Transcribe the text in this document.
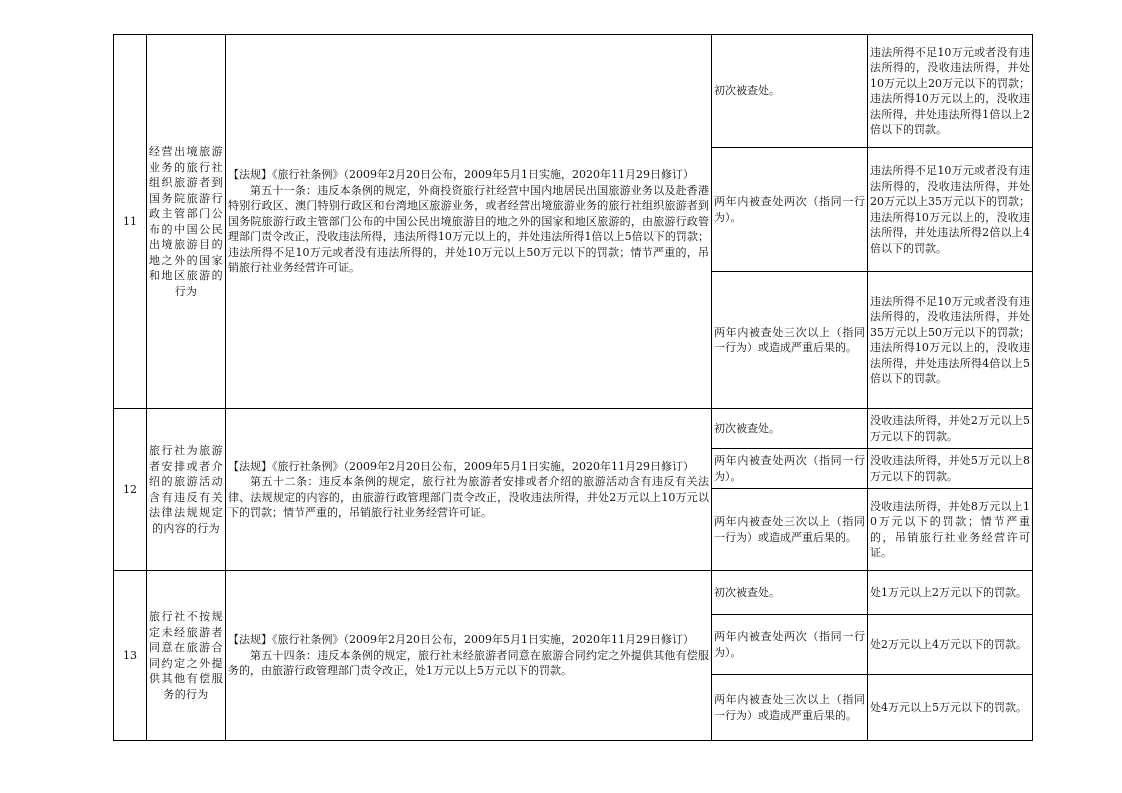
11	经营出境旅游业务的旅行社组织旅游者到国务院旅游行政主管部门公布的中国公民出境旅游目的地之外的国家和地区旅游的行为	【法规】《旅行社条例》（2009年2月20日公布，2009年5月1日实施，2020年11月29日修订）

第五十一条：违反本条例的规定，外商投资旅行社经营中国内地居民出国旅游业务以及赴香港特别行政区、澳门特别行政区和台湾地区旅游业务，或者经营出境旅游业务的旅行社组织旅游者到国务院旅游行政主管部门公布的中国公民出境旅游目的地之外的国家和地区旅游的，由旅游行政管理部门责令改正，没收违法所得，违法所得10万元以上的，并处违法所得1倍以上5倍以下的罚款；违法所得不足10万元或者没有违法所得的，并处10万元以上50万元以下的罚款；情节严重的，吊销旅行社业务经营许可证。	初次被查处。	违法所得不足10万元或者没有违法所得的，没收违法所得，并处10万元以上20万元以下的罚款；违法所得10万元以上的，没收违法所得，并处违法所得1倍以上2倍以下的罚款。
			两年内被查处两次（指同一行为）。	违法所得不足10万元或者没有违法所得的，没收违法所得，并处20万元以上35万元以下的罚款；违法所得10万元以上的，没收违法所得，并处违法所得2倍以上4倍以下的罚款。
			两年内被查处三次以上（指同一行为）或造成严重后果的。	违法所得不足10万元或者没有违法所得的，没收违法所得，并处35万元以上50万元以下的罚款；违法所得10万元以上的，没收违法所得，并处违法所得4倍以上5倍以下的罚款。
12	旅行社为旅游者安排或者介绍的旅游活动含有违反有关法律法规规定的内容的行为	【法规】《旅行社条例》（2009年2月20日公布，2009年5月1日实施，2020年11月29日修订）

第五十二条：违反本条例的规定，旅行社为旅游者安排或者介绍的旅游活动含有违反有关法律、法规规定的内容的，由旅游行政管理部门责令改正，没收违法所得，并处2万元以上10万元以下的罚款；情节严重的，吊销旅行社业务经营许可证。	初次被查处。	没收违法所得，并处2万元以上5万元以下的罚款。
			两年内被查处两次（指同一行为）。	没收违法所得，并处5万元以上8万元以下的罚款。
			两年内被查处三次以上（指同一行为）或造成严重后果的。	没收违法所得，并处8万元以上10万元以下的罚款；情节严重的，吊销旅行社业务经营许可证。
13	旅行社不按规定未经旅游者同意在旅游合同约定之外提供其他有偿服务的行为	【法规】《旅行社条例》（2009年2月20日公布，2009年5月1日实施，2020年11月29日修订）

第五十四条：违反本条例的规定，旅行社未经旅游者同意在旅游合同约定之外提供其他有偿服务的，由旅游行政管理部门责令改正，处1万元以上5万元以下的罚款。	初次被查处。	处1万元以上2万元以下的罚款。
			两年内被查处两次（指同一行为）。	处2万元以上4万元以下的罚款。
			两年内被查处三次以上（指同一行为）或造成严重后果的。	处4万元以上5万元以下的罚款。
